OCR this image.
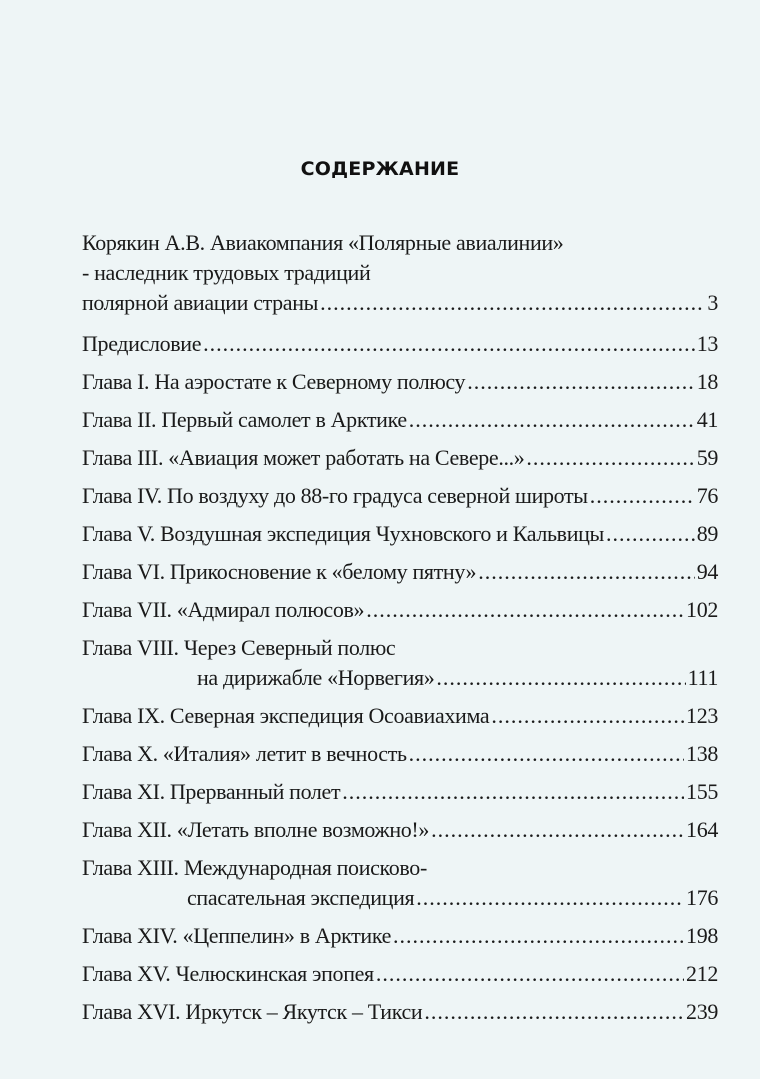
СОДЕРЖАНИЕ
Корякин А.В. Авиакомпания «Полярные авиалинии»
- наследник трудовых традиций
полярной авиации страны .....	3
Предисловие .....	13
Глава I. На аэростате к Северному полюсу .....	18
Глава II. Первый самолет в Арктике .....	41
Глава III. «Авиация может работать на Севере...» .....	59
Глава IV. По воздуху до 88-го градуса северной широты .....	76
Глава V. Воздушная экспедиция Чухновского и Кальвицы .....	89
Глава VI. Прикосновение к «белому пятну» .....	94
Глава VII. «Адмирал полюсов» .....	102
Глава VIII. Через Северный полюс
на дирижабле «Норвегия» .....	111
Глава IX. Северная экспедиция Осоавиахима .....	123
Глава X. «Италия» летит в вечность .....	138
Глава XI. Прерванный полет .....	155
Глава XII. «Летать вполне возможно!» .....	164
Глава XIII. Международная поисково-
спасательная экспедиция .....	176
Глава XIV. «Цеппелин» в Арктике .....	198
Глава XV. Челюскинская эпопея .....	212
Глава XVI. Иркутск – Якутск – Тикси .....	239
